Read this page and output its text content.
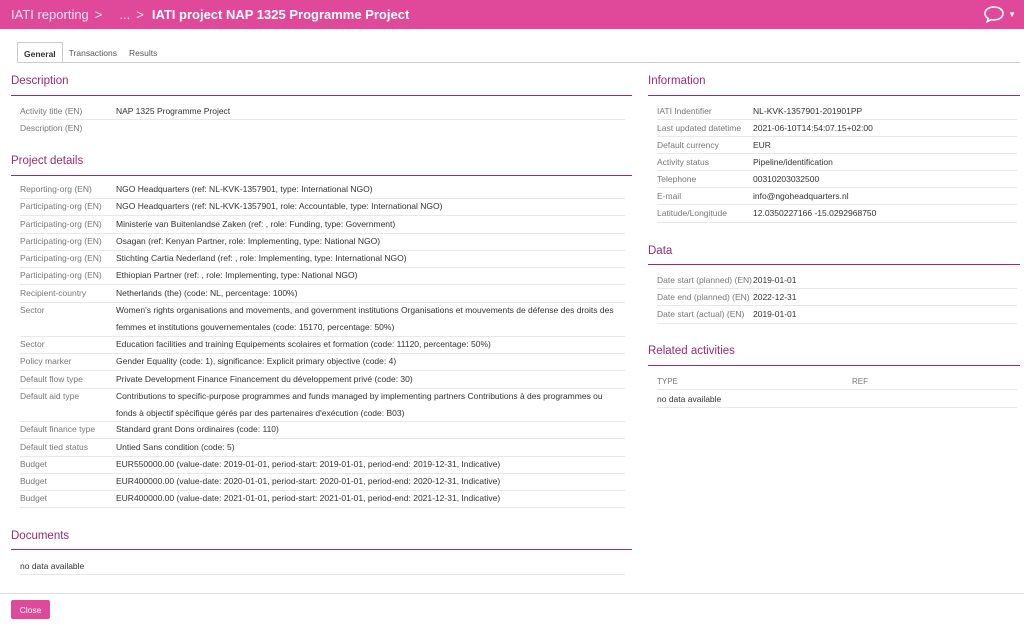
IATI reporting > ... > IATI project NAP 1325 Programme Project	▼
General	Transactions	Results
Description
Activity title (EN)	NAP 1325 Programme Project
Description (EN)
Project details
Reporting-org (EN)	NGO Headquarters (ref: NL-KVK-1357901, type: International NGO)
Participating-org (EN)	NGO Headquarters (ref: NL-KVK-1357901, role: Accountable, type: International NGO)
Participating-org (EN)	Ministerie van Buitenlandse Zaken (ref: , role: Funding, type: Government)
Participating-org (EN)	Osagan (ref: Kenyan Partner, role: Implementing, type: National NGO)
Participating-org (EN)	Stichting Cartia Nederland (ref: , role: Implementing, type: International NGO)
Participating-org (EN)	Ethiopian Partner (ref: , role: Implementing, type: National NGO)
Recipient-country	Netherlands (the) (code: NL, percentage: 100%)
Sector	Women's rights organisations and movements, and government institutions Organisations et mouvements de défense des droits des femmes et institutions gouvernementales (code: 15170, percentage: 50%)
Sector	Education facilities and training Equipements scolaires et formation (code: 11120, percentage: 50%)
Policy marker	Gender Equality (code: 1), significance: Explicit primary objective (code: 4)
Default flow type	Private Development Finance Financement du développement privé (code: 30)
Default aid type	Contributions to specific-purpose programmes and funds managed by implementing partners Contributions à des programmes ou fonds à objectif spécifique gérés par des partenaires d'exécution (code: B03)
Default finance type	Standard grant Dons ordinaires (code: 110)
Default tied status	Untied Sans condition (code: 5)
Budget	EUR550000.00 (value-date: 2019-01-01, period-start: 2019-01-01, period-end: 2019-12-31, Indicative)
Budget	EUR400000.00 (value-date: 2020-01-01, period-start: 2020-01-01, period-end: 2020-12-31, Indicative)
Budget	EUR400000.00 (value-date: 2021-01-01, period-start: 2021-01-01, period-end: 2021-12-31, Indicative)
Documents
no data available
Information
IATI Indentifier	NL-KVK-1357901-201901PP
Last updated datetime	2021-06-10T14:54:07.15+02:00
Default currency	EUR
Activity status	Pipeline/identification
Telephone	00310203032500
E-mail	info@ngoheadquarters.nl
Latitude/Longitude	12.0350227166 -15.0292968750
Data
Date start (planned) (EN) 2019-01-01
Date end (planned) (EN) 2022-12-31
Date start (actual) (EN)	2019-01-01
Related activities
TYPE	REF
no data available
Close
